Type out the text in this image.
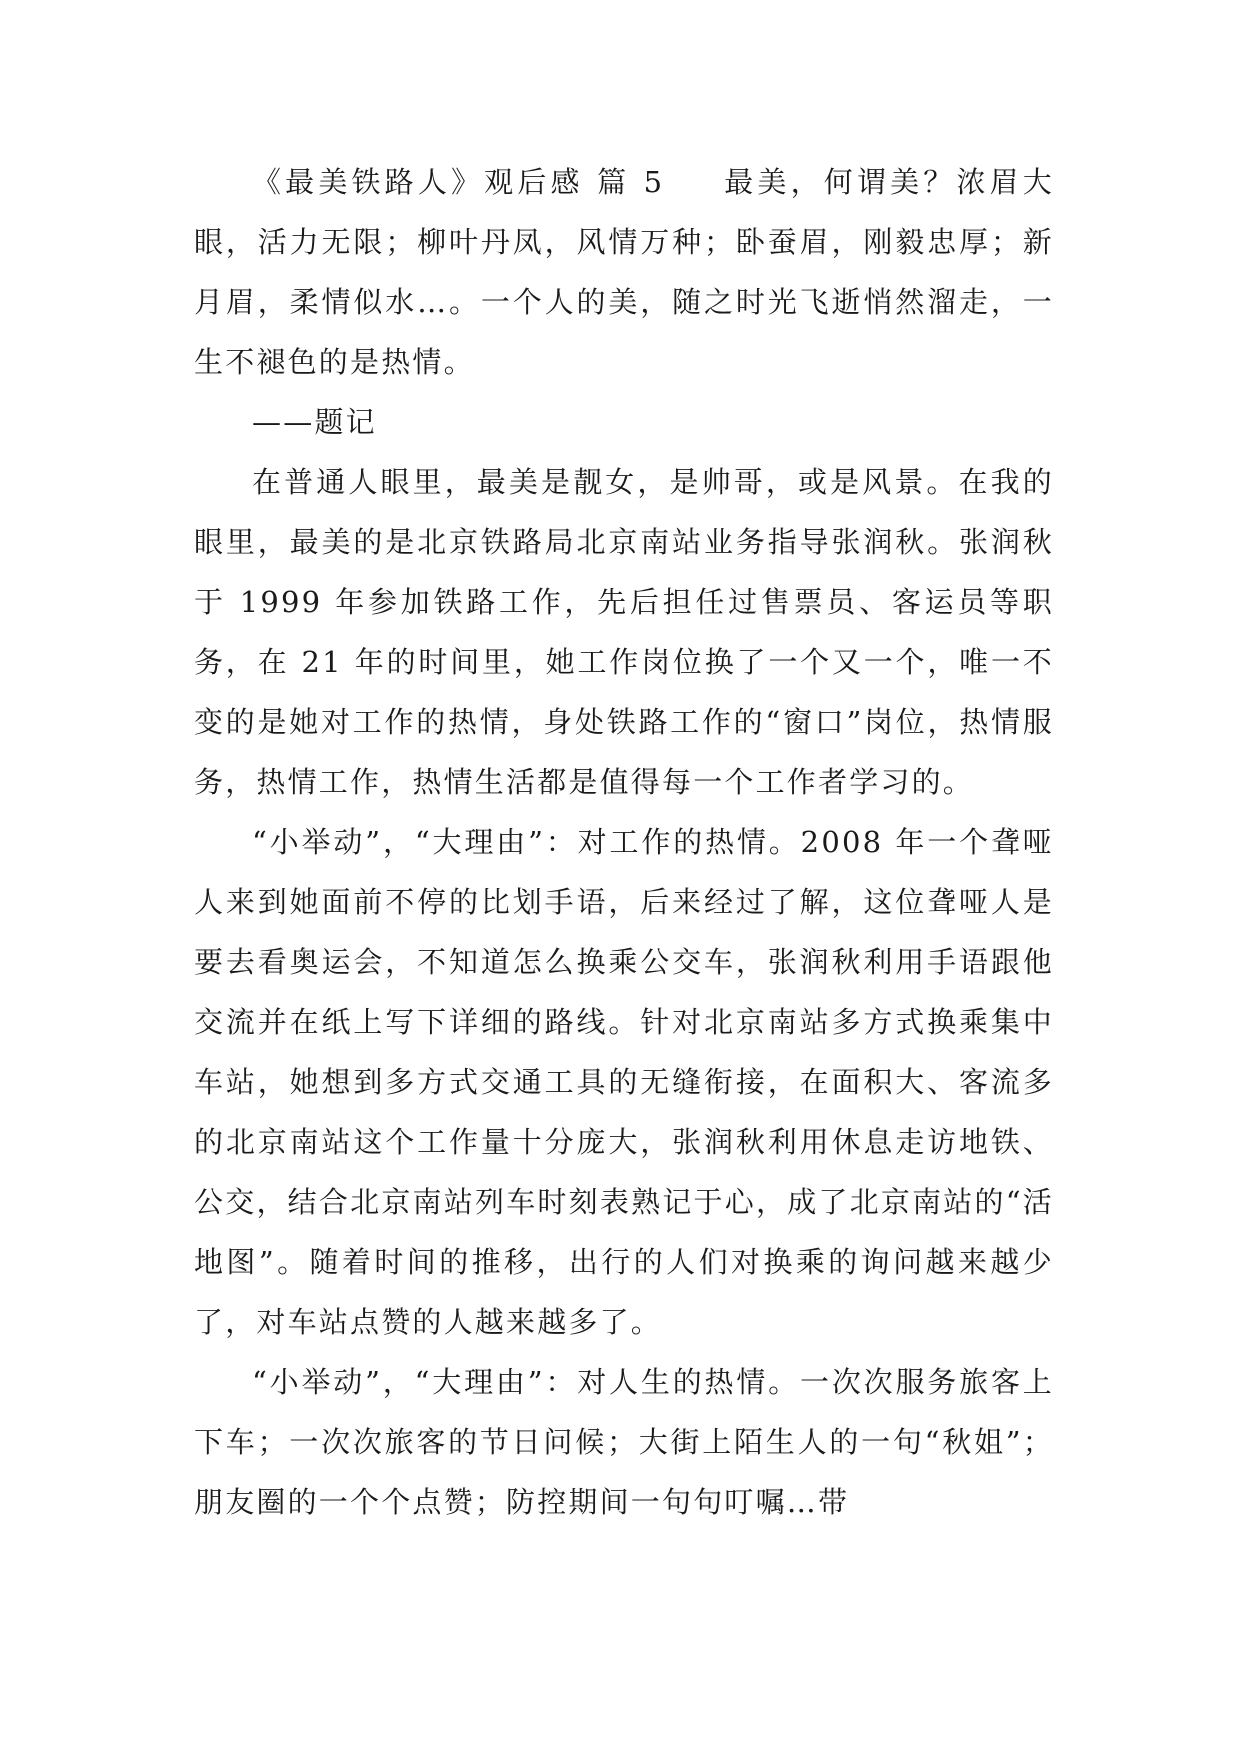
《最美铁路人》观后感 篇 5 最美，何谓美？浓眉大眼，活力无限；柳叶丹凤，风情万种；卧蚕眉，刚毅忠厚；新月眉，柔情似水…。一个人的美，随之时光飞逝悄然溜走，一生不褪色的是热情。

——题记

在普通人眼里，最美是靓女，是帅哥，或是风景。在我的眼里，最美的是北京铁路局北京南站业务指导张润秋。张润秋于 1999 年参加铁路工作，先后担任过售票员、客运员等职务，在 21 年的时间里，她工作岗位换了一个又一个，唯一不变的是她对工作的热情，身处铁路工作的“窗口”岗位，热情服务，热情工作，热情生活都是值得每一个工作者学习的。

“小举动”，“大理由”：对工作的热情。2008 年一个聋哑人来到她面前不停的比划手语，后来经过了解，这位聋哑人是要去看奥运会，不知道怎么换乘公交车，张润秋利用手语跟他交流并在纸上写下详细的路线。针对北京南站多方式换乘集中车站，她想到多方式交通工具的无缝衔接，在面积大、客流多的北京南站这个工作量十分庞大，张润秋利用休息走访地铁、公交，结合北京南站列车时刻表熟记于心，成了北京南站的“活地图”。随着时间的推移，出行的人们对换乘的询问越来越少了，对车站点赞的人越来越多了。

“小举动”，“大理由”：对人生的热情。一次次服务旅客上下车；一次次旅客的节日问候；大街上陌生人的一句“秋姐”；朋友圈的一个个点赞；防控期间一句句叮嘱…带
